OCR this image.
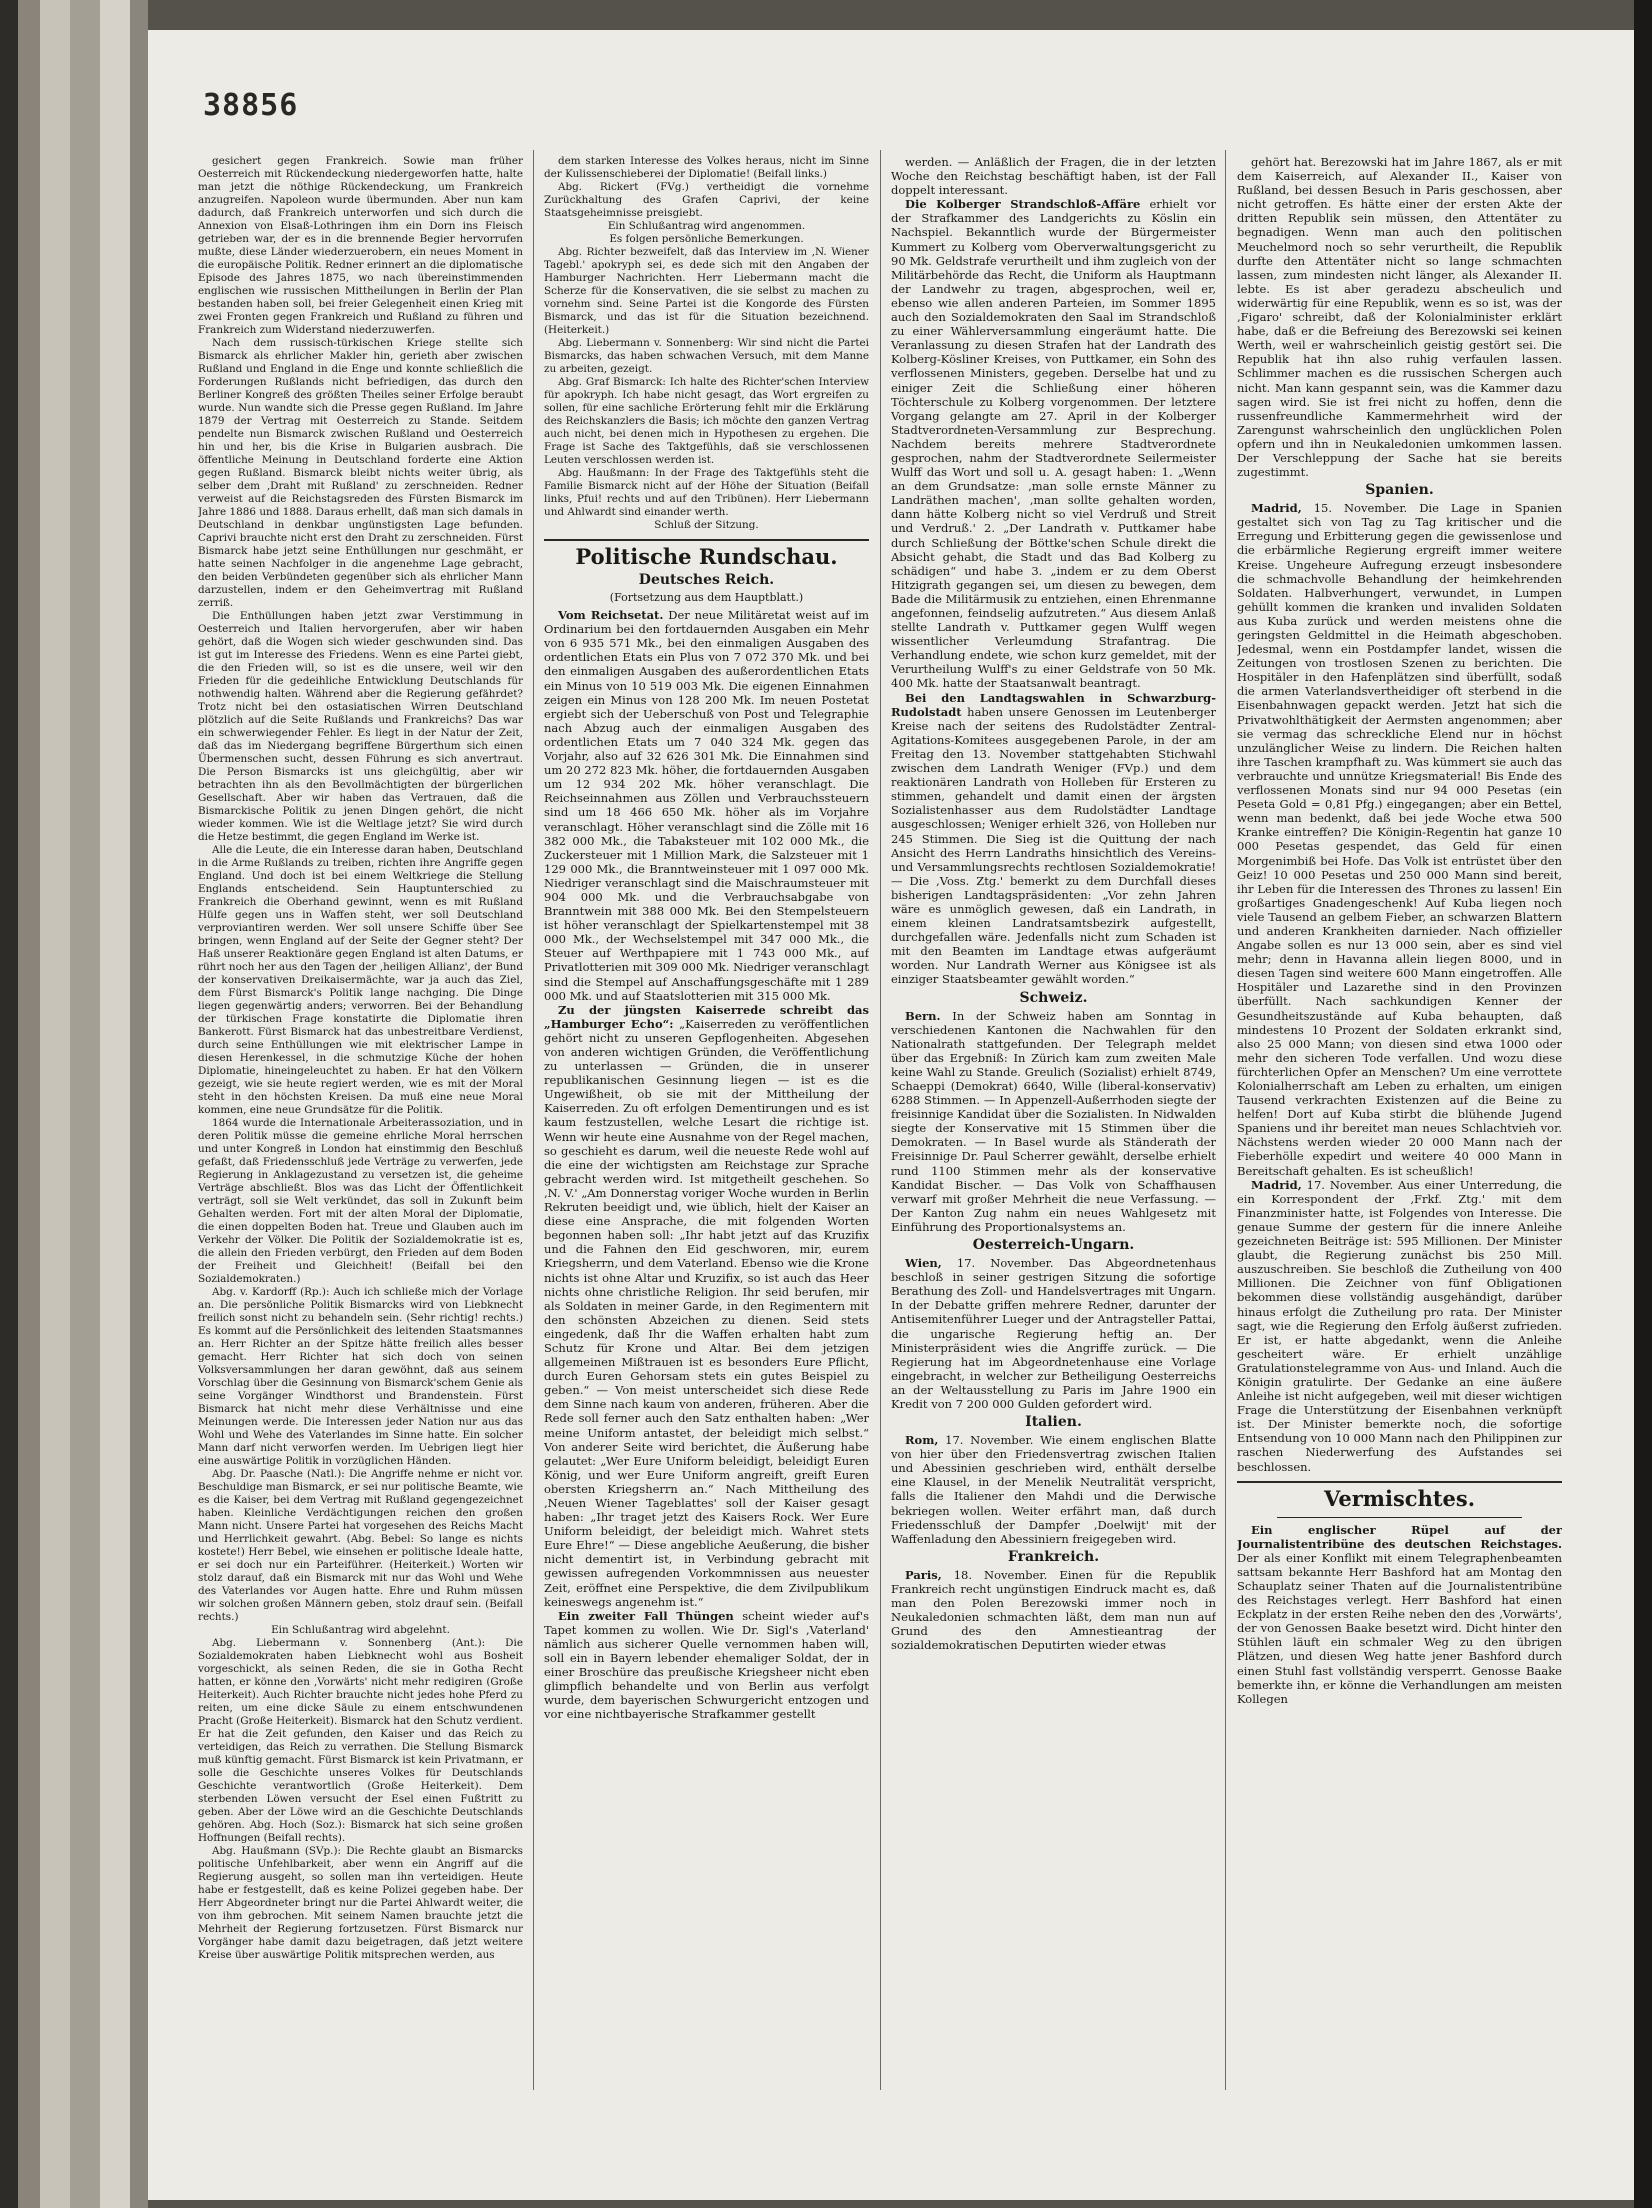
38856

gesichert gegen Frankreich. Sowie man früher Oesterreich mit Rückendeckung niedergeworfen hatte, halte man jetzt die nöthige Rückendeckung, um Frankreich anzugreifen. Napoleon wurde übermunden. Aber nun kam dadurch, daß Frankreich unterworfen und sich durch die Annexion von Elsaß-Lothringen ihm ein Dorn ins Fleisch getrieben war, der es in die brennende Begier hervorrufen mußte, diese Länder wiederzuerobern, ein neues Moment in die europäische Politik. Redner erinnert an die diplomatische Episode des Jahres 1875, wo nach übereinstimmenden englischen wie russischen Mittheilungen in Berlin der Plan bestanden haben soll, bei freier Gelegenheit einen Krieg mit zwei Fronten gegen Frankreich und Rußland zu führen und Frankreich zum Widerstand niederzuwerfen.

Nach dem russisch-türkischen Kriege stellte sich Bismarck als ehrlicher Makler hin, gerieth aber zwischen Rußland und England in die Enge und konnte schließlich die Forderungen Rußlands nicht befriedigen, das durch den Berliner Kongreß des größten Theiles seiner Erfolge beraubt wurde. Nun wandte sich die Presse gegen Rußland. Im Jahre 1879 der Vertrag mit Oesterreich zu Stande. Seitdem pendelte nun Bismarck zwischen Rußland und Oesterreich hin und her, bis die Krise in Bulgarien ausbrach. Die öffentliche Meinung in Deutschland forderte eine Aktion gegen Rußland. Bismarck bleibt nichts weiter übrig, als selber dem ‚Draht mit Rußland' zu zerschneiden. Redner verweist auf die Reichstagsreden des Fürsten Bismarck im Jahre 1886 und 1888. Daraus erhellt, daß man sich damals in Deutschland in denkbar ungünstigsten Lage befunden. Caprivi brauchte nicht erst den Draht zu zerschneiden. Fürst Bismarck habe jetzt seine Enthüllungen nur geschmäht, er hatte seinen Nachfolger in die angenehme Lage gebracht, den beiden Verbündeten gegenüber sich als ehrlicher Mann darzustellen, indem er den Geheimvertrag mit Rußland zerriß.

Die Enthüllungen haben jetzt zwar Verstimmung in Oesterreich und Italien hervorgerufen, aber wir haben gehört, daß die Wogen sich wieder geschwunden sind. Das ist gut im Interesse des Friedens. Wenn es eine Partei giebt, die den Frieden will, so ist es die unsere, weil wir den Frieden für die gedeihliche Entwicklung Deutschlands für nothwendig halten. Während aber die Regierung gefährdet? Trotz nicht bei den ostasiatischen Wirren Deutschland plötzlich auf die Seite Rußlands und Frankreichs? Das war ein schwerwiegender Fehler. Es liegt in der Natur der Zeit, daß das im Niedergang begriffene Bürgerthum sich einen Übermenschen sucht, dessen Führung es sich anvertraut. Die Person Bismarcks ist uns gleichgültig, aber wir betrachten ihn als den Bevollmächtigten der bürgerlichen Gesellschaft. Aber wir haben das Vertrauen, daß die Bismarckische Politik zu jenen Dingen gehört, die nicht wieder kommen. Wie ist die Weltlage jetzt? Sie wird durch die Hetze bestimmt, die gegen England im Werke ist.

Alle die Leute, die ein Interesse daran haben, Deutschland in die Arme Rußlands zu treiben, richten ihre Angriffe gegen England. Und doch ist bei einem Weltkriege die Stellung Englands entscheidend. Sein Hauptunterschied zu Frankreich die Oberhand gewinnt, wenn es mit Rußland Hülfe gegen uns in Waffen steht, wer soll Deutschland verproviantiren werden. Wer soll unsere Schiffe über See bringen, wenn England auf der Seite der Gegner steht? Der Haß unserer Reaktionäre gegen England ist alten Datums, er rührt noch her aus den Tagen der ‚heiligen Allianz', der Bund der konservativen Dreikaisermächte, war ja auch das Ziel, dem Fürst Bismarck's Politik lange nachging. Die Dinge liegen gegenwärtig anders; verworren. Bei der Behandlung der türkischen Frage konstatirte die Diplomatie ihren Bankerott. Fürst Bismarck hat das unbestreitbare Verdienst, durch seine Enthüllungen wie mit elektrischer Lampe in diesen Herenkessel, in die schmutzige Küche der hohen Diplomatie, hineingeleuchtet zu haben. Er hat den Völkern gezeigt, wie sie heute regiert werden, wie es mit der Moral steht in den höchsten Kreisen. Da muß eine neue Moral kommen, eine neue Grundsätze für die Politik.

1864 wurde die Internationale Arbeiterassoziation, und in deren Politik müsse die gemeine ehrliche Moral herrschen und unter Kongreß in London hat einstimmig den Beschluß gefaßt, daß Friedensschluß jede Verträge zu verwerfen, jede Regierung in Anklagezustand zu versetzen ist, die geheime Verträge abschließt. Blos was das Licht der Öffentlichkeit verträgt, soll sie Welt verkündet, das soll in Zukunft beim Gehalten werden. Fort mit der alten Moral der Diplomatie, die einen doppelten Boden hat. Treue und Glauben auch im Verkehr der Völker. Die Politik der Sozialdemokratie ist es, die allein den Frieden verbürgt, den Frieden auf dem Boden der Freiheit und Gleichheit! (Beifall bei den Sozialdemokraten.)

Abg. v. Kardorff (Rp.): Auch ich schließe mich der Vorlage an. Die persönliche Politik Bismarcks wird von Liebknecht freilich sonst nicht zu behandeln sein. (Sehr richtig! rechts.) Es kommt auf die Persönlichkeit des leitenden Staatsmannes an. Herr Richter an der Spitze hätte freilich alles besser gemacht. Herr Richter hat sich doch von seinen Volksversammlungen her daran gewöhnt, daß aus seinem Vorschlag über die Gesinnung von Bismarck'schem Genie als seine Vorgänger Windthorst und Brandenstein. Fürst Bismarck hat nicht mehr diese Verhältnisse und eine Meinungen werde. Die Interessen jeder Nation nur aus das Wohl und Wehe des Vaterlandes im Sinne hatte. Ein solcher Mann darf nicht verworfen werden. Im Uebrigen liegt hier eine auswärtige Politik in vorzüglichen Händen.

Abg. Dr. Paasche (Natl.): Die Angriffe nehme er nicht vor. Beschuldige man Bismarck, er sei nur politische Beamte, wie es die Kaiser, bei dem Vertrag mit Rußland gegengezeichnet haben. Kleinliche Verdächtigungen reichen den großen Mann nicht. Unsere Partei hat vorgesehen des Reichs Macht und Herrlichkeit gewahrt. (Abg. Bebel: So lange es nichts kostete!) Herr Bebel, wie einsehen er politische Ideale hatte, er sei doch nur ein Parteiführer. (Heiterkeit.) Worten wir stolz darauf, daß ein Bismarck mit nur das Wohl und Wehe des Vaterlandes vor Augen hatte. Ehre und Ruhm müssen wir solchen großen Männern geben, stolz drauf sein. (Beifall rechts.)

Ein Schlußantrag wird abgelehnt.

Abg. Liebermann v. Sonnenberg (Ant.): Die Sozialdemokraten haben Liebknecht wohl aus Bosheit vorgeschickt, als seinen Reden, die sie in Gotha Recht hatten, er könne den ‚Vorwärts' nicht mehr redigiren (Große Heiterkeit). Auch Richter brauchte nicht jedes hohe Pferd zu reiten, um eine dicke Säule zu einem entschwundenen Pracht (Große Heiterkeit). Bismarck hat den Schutz verdient. Er hat die Zeit gefunden, den Kaiser und das Reich zu verteidigen, das Reich zu verrathen. Die Stellung Bismarck muß künftig gemacht. Fürst Bismarck ist kein Privatmann, er solle die Geschichte unseres Volkes für Deutschlands Geschichte verantwortlich (Große Heiterkeit). Dem sterbenden Löwen versucht der Esel einen Fußtritt zu geben. Aber der Löwe wird an die Geschichte Deutschlands gehören. Abg. Hoch (Soz.): Bismarck hat sich seine großen Hoffnungen (Beifall rechts).

Abg. Haußmann (SVp.): Die Rechte glaubt an Bismarcks politische Unfehlbarkeit, aber wenn ein Angriff auf die Regierung ausgeht, so sollen man ihn verteidigen. Heute habe er festgestellt, daß es keine Polizei gegeben habe. Der Herr Abgeordneter bringt nur die Partei Ahlwardt weiter, die von ihm gebrochen. Mit seinem Namen brauchte jetzt die Mehrheit der Regierung fortzusetzen. Fürst Bismarck nur Vorgänger habe damit dazu beigetragen, daß jetzt weitere Kreise über auswärtige Politik mitsprechen werden, aus

dem starken Interesse des Volkes heraus, nicht im Sinne der Kulissenschieberei der Diplomatie! (Beifall links.)

Abg. Rickert (FVg.) vertheidigt die vornehme Zurückhaltung des Grafen Caprivi, der keine Staatsgeheimnisse preisgiebt.

Ein Schlußantrag wird angenommen.

Es folgen persönliche Bemerkungen.

Abg. Richter bezweifelt, daß das Interview im ‚N. Wiener Tagebl.' apokryph sei, es dede sich mit den Angaben der Hamburger Nachrichten. Herr Liebermann macht die Scherze für die Konservativen, die sie selbst zu machen zu vornehm sind. Seine Partei ist die Kongorde des Fürsten Bismarck, und das ist für die Situation bezeichnend. (Heiterkeit.)

Abg. Liebermann v. Sonnenberg: Wir sind nicht die Partei Bismarcks, das haben schwachen Versuch, mit dem Manne zu arbeiten, gezeigt.

Abg. Graf Bismarck: Ich halte des Richter'schen Interview für apokryph. Ich habe nicht gesagt, das Wort ergreifen zu sollen, für eine sachliche Erörterung fehlt mir die Erklärung des Reichskanzlers die Basis; ich möchte den ganzen Vertrag auch nicht, bei denen mich in Hypothesen zu ergehen. Die Frage ist Sache des Taktgefühls, daß sie verschlossenen Leuten verschlossen werden ist.

Abg. Haußmann: In der Frage des Taktgefühls steht die Familie Bismarck nicht auf der Höhe der Situation (Beifall links, Pfui! rechts und auf den Tribünen). Herr Liebermann und Ahlwardt sind einander werth.

Schluß der Sitzung.

Politische Rundschau.
Deutsches Reich.
(Fortsetzung aus dem Hauptblatt.)

Vom Reichsetat. Der neue Militäretat weist auf im Ordinarium bei den fortdauernden Ausgaben ein Mehr von 6 935 571 Mk., bei den einmaligen Ausgaben des ordentlichen Etats ein Plus von 7 072 370 Mk. und bei den einmaligen Ausgaben des außerordentlichen Etats ein Minus von 10 519 003 Mk. Die eigenen Einnahmen zeigen ein Minus von 128 200 Mk. Im neuen Postetat ergiebt sich der Ueberschuß von Post und Telegraphie nach Abzug auch der einmaligen Ausgaben des ordentlichen Etats um 7 040 324 Mk. gegen das Vorjahr, also auf 32 626 301 Mk. Die Einnahmen sind um 20 272 823 Mk. höher, die fortdauernden Ausgaben um 12 934 202 Mk. höher veranschlagt. Die Reichseinnahmen aus Zöllen und Verbrauchssteuern sind um 18 466 650 Mk. höher als im Vorjahre veranschlagt. Höher veranschlagt sind die Zölle mit 16 382 000 Mk., die Tabaksteuer mit 102 000 Mk., die Zuckersteuer mit 1 Million Mark, die Salzsteuer mit 1 129 000 Mk., die Branntweinsteuer mit 1 097 000 Mk. Niedriger veranschlagt sind die Maischraumsteuer mit 904 000 Mk. und die Verbrauchsabgabe von Branntwein mit 388 000 Mk. Bei den Stempelsteuern ist höher veranschlagt der Spielkartenstempel mit 38 000 Mk., der Wechselstempel mit 347 000 Mk., die Steuer auf Werthpapiere mit 1 743 000 Mk., auf Privatlotterien mit 309 000 Mk. Niedriger veranschlagt sind die Stempel auf Anschaffungsgeschäfte mit 1 289 000 Mk. und auf Staatslotterien mit 315 000 Mk.

Zu der jüngsten Kaiserrede schreibt das „Hamburger Echo“: „Kaiserreden zu veröffentlichen gehört nicht zu unseren Gepflogenheiten. Abgesehen von anderen wichtigen Gründen, die Veröffentlichung zu unterlassen — Gründen, die in unserer republikanischen Gesinnung liegen — ist es die Ungewißheit, ob sie mit der Mittheilung der Kaiserreden. Zu oft erfolgen Dementirungen und es ist kaum festzustellen, welche Lesart die richtige ist. Wenn wir heute eine Ausnahme von der Regel machen, so geschieht es darum, weil die neueste Rede wohl auf die eine der wichtigsten am Reichstage zur Sprache gebracht werden wird. Ist mitgetheilt geschehen. So ‚N. V.' „Am Donnerstag voriger Woche wurden in Berlin Rekruten beeidigt und, wie üblich, hielt der Kaiser an diese eine Ansprache, die mit folgenden Worten begonnen haben soll: „Ihr habt jetzt auf das Kruzifix und die Fahnen den Eid geschworen, mir, eurem Kriegsherrn, und dem Vaterland. Ebenso wie die Krone nichts ist ohne Altar und Kruzifix, so ist auch das Heer nichts ohne christliche Religion. Ihr seid berufen, mir als Soldaten in meiner Garde, in den Regimentern mit den schönsten Abzeichen zu dienen. Seid stets eingedenk, daß Ihr die Waffen erhalten habt zum Schutz für Krone und Altar. Bei dem jetzigen allgemeinen Mißtrauen ist es besonders Eure Pflicht, durch Euren Gehorsam stets ein gutes Beispiel zu geben.“ — Von meist unterscheidet sich diese Rede dem Sinne nach kaum von anderen, früheren. Aber die Rede soll ferner auch den Satz enthalten haben: „Wer meine Uniform antastet, der beleidigt mich selbst.“ Von anderer Seite wird berichtet, die Äußerung habe gelautet: „Wer Eure Uniform beleidigt, beleidigt Euren König, und wer Eure Uniform angreift, greift Euren obersten Kriegsherrn an.“ Nach Mittheilung des ‚Neuen Wiener Tageblattes' soll der Kaiser gesagt haben: „Ihr traget jetzt des Kaisers Rock. Wer Eure Uniform beleidigt, der beleidigt mich. Wahret stets Eure Ehre!“ — Diese angebliche Aeußerung, die bisher nicht dementirt ist, in Verbindung gebracht mit gewissen aufregenden Vorkommnissen aus neuester Zeit, eröffnet eine Perspektive, die dem Zivilpublikum keineswegs angenehm ist.“

Ein zweiter Fall Thüngen scheint wieder auf's Tapet kommen zu wollen. Wie Dr. Sigl's ‚Vaterland' nämlich aus sicherer Quelle vernommen haben will, soll ein in Bayern lebender ehemaliger Soldat, der in einer Broschüre das preußische Kriegsheer nicht eben glimpflich behandelte und von Berlin aus verfolgt wurde, dem bayerischen Schwurgericht entzogen und vor eine nichtbayerische Strafkammer gestellt

werden. — Anläßlich der Fragen, die in der letzten Woche den Reichstag beschäftigt haben, ist der Fall doppelt interessant.

Die Kolberger Strandschloß-Affäre erhielt vor der Strafkammer des Landgerichts zu Köslin ein Nachspiel. Bekanntlich wurde der Bürgermeister Kummert zu Kolberg vom Oberverwaltungsgericht zu 90 Mk. Geldstrafe verurtheilt und ihm zugleich von der Militärbehörde das Recht, die Uniform als Hauptmann der Landwehr zu tragen, abgesprochen, weil er, ebenso wie allen anderen Parteien, im Sommer 1895 auch den Sozialdemokraten den Saal im Strandschloß zu einer Wählerversammlung eingeräumt hatte. Die Veranlassung zu diesen Strafen hat der Landrath des Kolberg-Kösliner Kreises, von Puttkamer, ein Sohn des verflossenen Ministers, gegeben. Derselbe hat und zu einiger Zeit die Schließung einer höheren Töchterschule zu Kolberg vorgenommen. Der letztere Vorgang gelangte am 27. April in der Kolberger Stadtverordneten-Versammlung zur Besprechung. Nachdem bereits mehrere Stadtverordnete gesprochen, nahm der Stadtverordnete Seilermeister Wulff das Wort und soll u. A. gesagt haben: 1. „Wenn an dem Grundsatze: ‚man solle ernste Männer zu Landräthen machen', ‚man sollte gehalten worden, dann hätte Kolberg nicht so viel Verdruß und Streit und Verdruß.' 2. „Der Landrath v. Puttkamer habe durch Schließung der Böttke'schen Schule direkt die Absicht gehabt, die Stadt und das Bad Kolberg zu schädigen“ und habe 3. „indem er zu dem Oberst Hitzigrath gegangen sei, um diesen zu bewegen, dem Bade die Militärmusik zu entziehen, einen Ehrenmanne angefonnen, feindselig aufzutreten.“ Aus diesem Anlaß stellte Landrath v. Puttkamer gegen Wulff wegen wissentlicher Verleumdung Strafantrag. Die Verhandlung endete, wie schon kurz gemeldet, mit der Verurtheilung Wulff's zu einer Geldstrafe von 50 Mk. 400 Mk. hatte der Staatsanwalt beantragt.

Bei den Landtagswahlen in Schwarzburg-Rudolstadt haben unsere Genossen im Leutenberger Kreise nach der seitens des Rudolstädter Zentral-Agitations-Komitees ausgegebenen Parole, in der am Freitag den 13. November stattgehabten Stichwahl zwischen dem Landrath Weniger (FVp.) und dem reaktionären Landrath von Holleben für Ersteren zu stimmen, gehandelt und damit einen der ärgsten Sozialistenhasser aus dem Rudolstädter Landtage ausgeschlossen; Weniger erhielt 326, von Holleben nur 245 Stimmen. Die Sieg ist die Quittung der nach Ansicht des Herrn Landraths hinsichtlich des Vereins- und Versammlungsrechts rechtlosen Sozialdemokratie! — Die ‚Voss. Ztg.' bemerkt zu dem Durchfall dieses bisherigen Landtagspräsidenten: „Vor zehn Jahren wäre es unmöglich gewesen, daß ein Landrath, in einem kleinen Landratsamtsbezirk aufgestellt, durchgefallen wäre. Jedenfalls nicht zum Schaden ist mit den Beamten im Landtage etwas aufgeräumt worden. Nur Landrath Werner aus Königsee ist als einziger Staatsbeamter gewählt worden.“

Schweiz.

Bern. In der Schweiz haben am Sonntag in verschiedenen Kantonen die Nachwahlen für den Nationalrath stattgefunden. Der Telegraph meldet über das Ergebniß: In Zürich kam zum zweiten Male keine Wahl zu Stande. Greulich (Sozialist) erhielt 8749, Schaeppi (Demokrat) 6640, Wille (liberal-konservativ) 6288 Stimmen. — In Appenzell-Außerrhoden siegte der freisinnige Kandidat über die Sozialisten. In Nidwalden siegte der Konservative mit 15 Stimmen über die Demokraten. — In Basel wurde als Ständerath der Freisinnige Dr. Paul Scherrer gewählt, derselbe erhielt rund 1100 Stimmen mehr als der konservative Kandidat Bischer. — Das Volk von Schaffhausen verwarf mit großer Mehrheit die neue Verfassung. — Der Kanton Zug nahm ein neues Wahlgesetz mit Einführung des Proportionalsystems an.

Oesterreich-Ungarn.

Wien, 17. November. Das Abgeordnetenhaus beschloß in seiner gestrigen Sitzung die sofortige Berathung des Zoll- und Handelsvertrages mit Ungarn. In der Debatte griffen mehrere Redner, darunter der Antisemitenführer Lueger und der Antragsteller Pattai, die ungarische Regierung heftig an. Der Ministerpräsident wies die Angriffe zurück. — Die Regierung hat im Abgeordnetenhause eine Vorlage eingebracht, in welcher zur Betheiligung Oesterreichs an der Weltausstellung zu Paris im Jahre 1900 ein Kredit von 7 200 000 Gulden gefordert wird.

Italien.

Rom, 17. November. Wie einem englischen Blatte von hier über den Friedensvertrag zwischen Italien und Abessinien geschrieben wird, enthält derselbe eine Klausel, in der Menelik Neutralität verspricht, falls die Italiener den Mahdi und die Derwische bekriegen wollen. Weiter erfährt man, daß durch Friedensschluß der Dampfer ‚Doelwijt' mit der Waffenladung den Abessiniern freigegeben wird.

Frankreich.

Paris, 18. November. Einen für die Republik Frankreich recht ungünstigen Eindruck macht es, daß man den Polen Berezowski immer noch in Neukaledonien schmachten läßt, dem man nun auf Grund des den Amnestieantrag der sozialdemokratischen Deputirten wieder etwas

gehört hat. Berezowski hat im Jahre 1867, als er mit dem Kaiserreich, auf Alexander II., Kaiser von Rußland, bei dessen Besuch in Paris geschossen, aber nicht getroffen. Es hätte einer der ersten Akte der dritten Republik sein müssen, den Attentäter zu begnadigen. Wenn man auch den politischen Meuchelmord noch so sehr verurtheilt, die Republik durfte den Attentäter nicht so lange schmachten lassen, zum mindesten nicht länger, als Alexander II. lebte. Es ist aber geradezu abscheulich und widerwärtig für eine Republik, wenn es so ist, was der ‚Figaro' schreibt, daß der Kolonialminister erklärt habe, daß er die Befreiung des Berezowski sei keinen Werth, weil er wahrscheinlich geistig gestört sei. Die Republik hat ihn also ruhig verfaulen lassen. Schlimmer machen es die russischen Schergen auch nicht. Man kann gespannt sein, was die Kammer dazu sagen wird. Sie ist frei nicht zu hoffen, denn die russenfreundliche Kammermehrheit wird der Zarengunst wahrscheinlich den unglücklichen Polen opfern und ihn in Neukaledonien umkommen lassen. Der Verschleppung der Sache hat sie bereits zugestimmt.

Spanien.

Madrid, 15. November. Die Lage in Spanien gestaltet sich von Tag zu Tag kritischer und die Erregung und Erbitterung gegen die gewissenlose und die erbärmliche Regierung ergreift immer weitere Kreise. Ungeheure Aufregung erzeugt insbesondere die schmachvolle Behandlung der heimkehrenden Soldaten. Halbverhungert, verwundet, in Lumpen gehüllt kommen die kranken und invaliden Soldaten aus Kuba zurück und werden meistens ohne die geringsten Geldmittel in die Heimath abgeschoben. Jedesmal, wenn ein Postdampfer landet, wissen die Zeitungen von trostlosen Szenen zu berichten. Die Hospitäler in den Hafenplätzen sind überfüllt, sodaß die armen Vaterlandsvertheidiger oft sterbend in die Eisenbahnwagen gepackt werden. Jetzt hat sich die Privatwohlthätigkeit der Aermsten angenommen; aber sie vermag das schreckliche Elend nur in höchst unzulänglicher Weise zu lindern. Die Reichen halten ihre Taschen krampfhaft zu. Was kümmert sie auch das verbrauchte und unnütze Kriegsmaterial! Bis Ende des verflossenen Monats sind nur 94 000 Pesetas (ein Peseta Gold = 0,81 Pfg.) eingegangen; aber ein Bettel, wenn man bedenkt, daß bei jede Woche etwa 500 Kranke eintreffen? Die Königin-Regentin hat ganze 10 000 Pesetas gespendet, das Geld für einen Morgenimbiß bei Hofe. Das Volk ist entrüstet über den Geiz! 10 000 Pesetas und 250 000 Mann sind bereit, ihr Leben für die Interessen des Thrones zu lassen! Ein großartiges Gnadengeschenk! Auf Kuba liegen noch viele Tausend an gelbem Fieber, an schwarzen Blattern und anderen Krankheiten darnieder. Nach offizieller Angabe sollen es nur 13 000 sein, aber es sind viel mehr; denn in Havanna allein liegen 8000, und in diesen Tagen sind weitere 600 Mann eingetroffen. Alle Hospitäler und Lazarethe sind in den Provinzen überfüllt. Nach sachkundigen Kenner der Gesundheitszustände auf Kuba behaupten, daß mindestens 10 Prozent der Soldaten erkrankt sind, also 25 000 Mann; von diesen sind etwa 1000 oder mehr den sicheren Tode verfallen. Und wozu diese fürchterlichen Opfer an Menschen? Um eine verrottete Kolonialherrschaft am Leben zu erhalten, um einigen Tausend verkrachten Existenzen auf die Beine zu helfen! Dort auf Kuba stirbt die blühende Jugend Spaniens und ihr bereitet man neues Schlachtvieh vor. Nächstens werden wieder 20 000 Mann nach der Fieberhölle expedirt und weitere 40 000 Mann in Bereitschaft gehalten. Es ist scheußlich!

Madrid, 17. November. Aus einer Unterredung, die ein Korrespondent der ‚Frkf. Ztg.' mit dem Finanzminister hatte, ist Folgendes von Interesse. Die genaue Summe der gestern für die innere Anleihe gezeichneten Beiträge ist: 595 Millionen. Der Minister glaubt, die Regierung zunächst bis 250 Mill. auszuschreiben. Sie beschloß die Zutheilung von 400 Millionen. Die Zeichner von fünf Obligationen bekommen diese vollständig ausgehändigt, darüber hinaus erfolgt die Zutheilung pro rata. Der Minister sagt, wie die Regierung den Erfolg äußerst zufrieden. Er ist, er hatte abgedankt, wenn die Anleihe gescheitert wäre. Er erhielt unzählige Gratulationstelegramme von Aus- und Inland. Auch die Königin gratulirte. Der Gedanke an eine äußere Anleihe ist nicht aufgegeben, weil mit dieser wichtigen Frage die Unterstützung der Eisenbahnen verknüpft ist. Der Minister bemerkte noch, die sofortige Entsendung von 10 000 Mann nach den Philippinen zur raschen Niederwerfung des Aufstandes sei beschlossen.

Vermischtes.

Ein englischer Rüpel auf der Journalistentribüne des deutschen Reichstages. Der als einer Konflikt mit einem Telegraphenbeamten sattsam bekannte Herr Bashford hat am Montag den Schauplatz seiner Thaten auf die Journalistentribüne des Reichstages verlegt. Herr Bashford hat einen Eckplatz in der ersten Reihe neben den des ‚Vorwärts', der von Genossen Baake besetzt wird. Dicht hinter den Stühlen läuft ein schmaler Weg zu den übrigen Plätzen, und diesen Weg hatte jener Bashford durch einen Stuhl fast vollständig versperrt. Genosse Baake bemerkte ihn, er könne die Verhandlungen am meisten Kollegen
